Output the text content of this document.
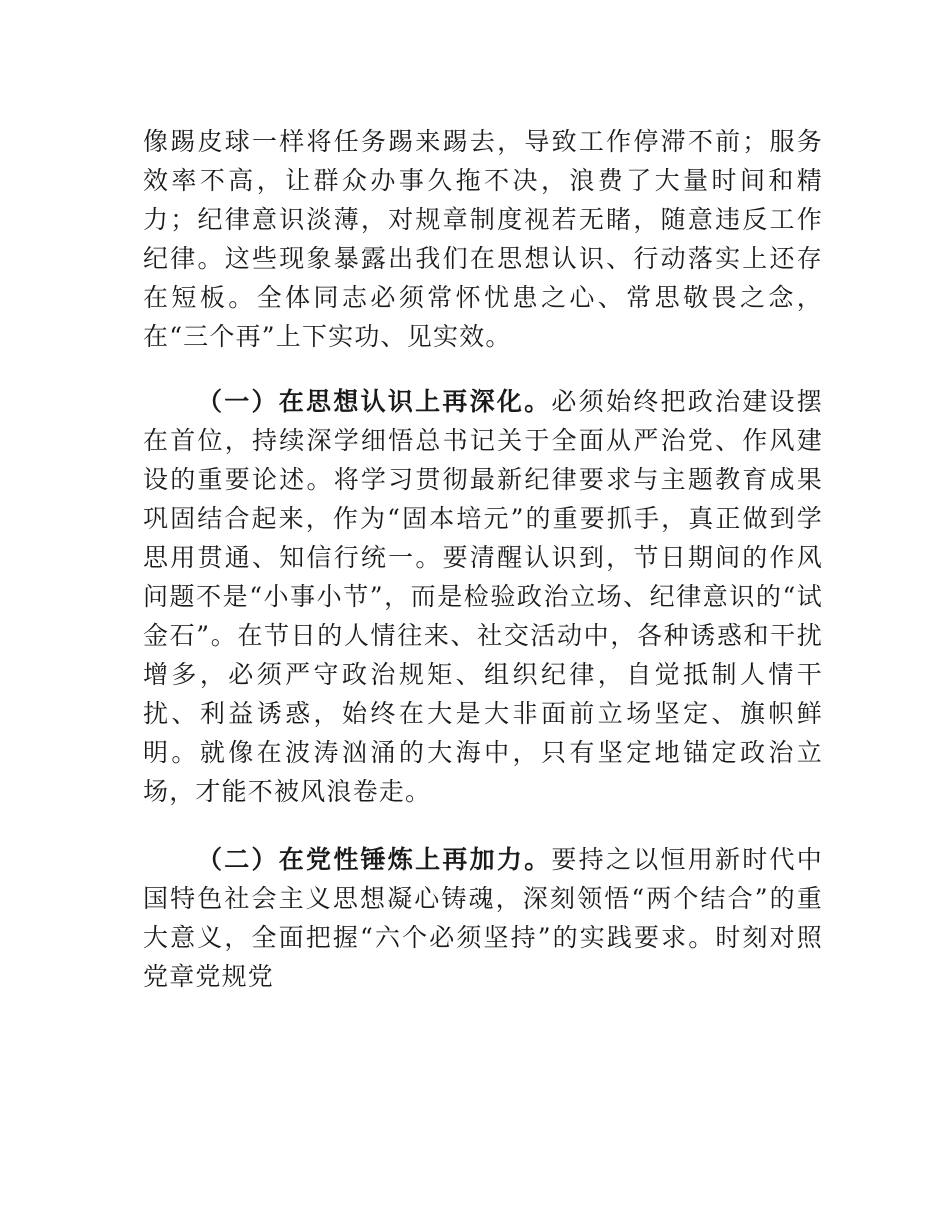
像踢皮球一样将任务踢来踢去，导致工作停滞不前；服务效率不高，让群众办事久拖不决，浪费了大量时间和精力；纪律意识淡薄，对规章制度视若无睹，随意违反工作纪律。这些现象暴露出我们在思想认识、行动落实上还存在短板。全体同志必须常怀忧患之心、常思敬畏之念，在“三个再”上下实功、见实效。

（一）在思想认识上再深化。必须始终把政治建设摆在首位，持续深学细悟总书记关于全面从严治党、作风建设的重要论述。将学习贯彻最新纪律要求与主题教育成果巩固结合起来，作为“固本培元”的重要抓手，真正做到学思用贯通、知信行统一。要清醒认识到，节日期间的作风问题不是“小事小节”，而是检验政治立场、纪律意识的“试金石”。在节日的人情往来、社交活动中，各种诱惑和干扰增多，必须严守政治规矩、组织纪律，自觉抵制人情干扰、利益诱惑，始终在大是大非面前立场坚定、旗帜鲜明。就像在波涛汹涌的大海中，只有坚定地锚定政治立场，才能不被风浪卷走。

（二）在党性锤炼上再加力。要持之以恒用新时代中国特色社会主义思想凝心铸魂，深刻领悟“两个结合”的重大意义，全面把握“六个必须坚持”的实践要求。时刻对照党章党规党
